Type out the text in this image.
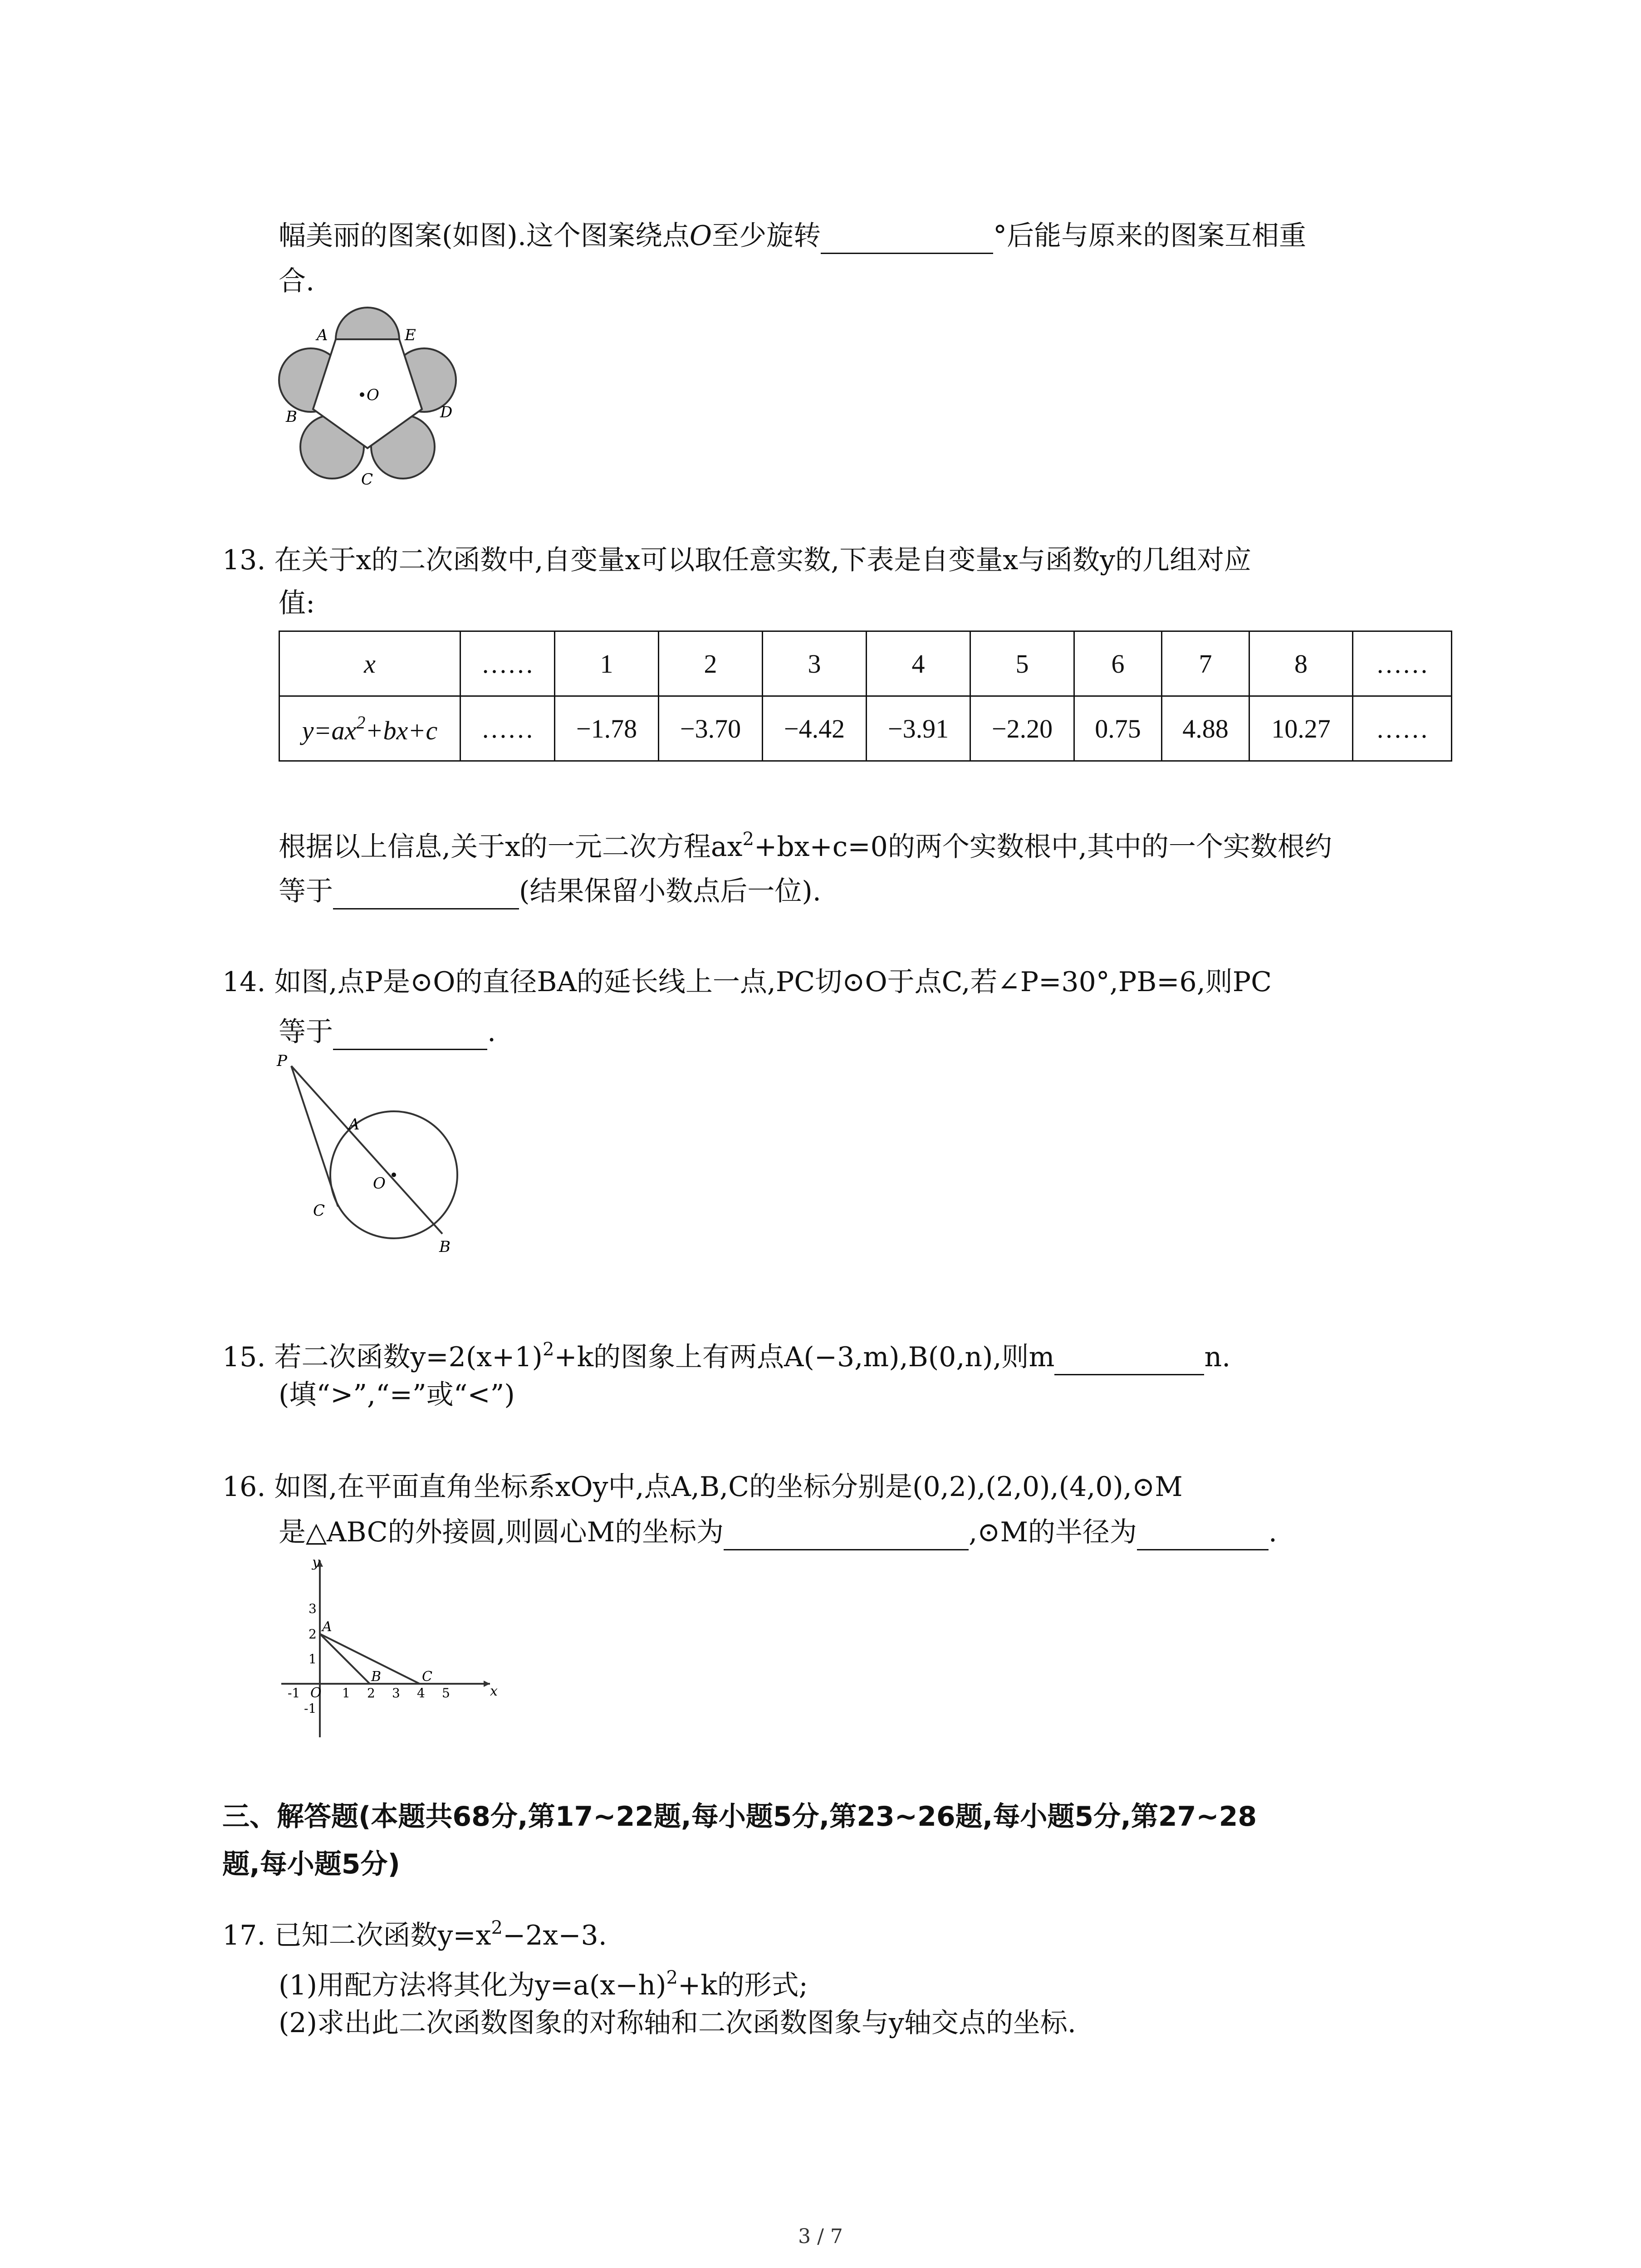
幅美丽的图案(如图).这个图案绕点O至少旋转	°后能与原来的图案互相重
合.
A	E
O
B	D
C
13. 在关于x的二次函数中,自变量x可以取任意实数,下表是自变量x与函数y的几组对应
值:
x	……	1	2	3	4	5	6	7	8	……
$y=ax^2+bx+c$	……	−1.78	−3.70	−4.42	−3.91	−2.20	0.75	4.88	10.27	……
根据以上信息,关于x的一元二次方程$ax^2+bx+c=0$的两个实数根中,其中的一个实数根约
等于	(结果保留小数点后一位).
14. 如图,点P是⊙O的直径BA的延长线上一点,PC切⊙O于点C,若∠P=30°,PB=6,则PC
等于	.
P
A
O
C
B
15. 若二次函数$y=2(x+1)^2+k$的图象上有两点A(−3,m),B(0,n),则m	n.
(填“>”,“=”或“<”)
16. 如图,在平面直角坐标系xOy中,点A,B,C的坐标分别是(0,2),(2,0),(4,0),⊙M
是△ABC的外接圆,则圆心M的坐标为	,⊙M的半径为	.
y
x
O
A
B	C
-1	1 2 3 4 5
3
2
1
-1
三、解答题(本题共68分,第17~22题,每小题5分,第23~26题,每小题5分,第27~28
题,每小题5分)
17. 已知二次函数$y=x^2-2x-3$.
(1)用配方法将其化为$y=a(x-h)^2+k$的形式;
(2)求出此二次函数图象的对称轴和二次函数图象与y轴交点的坐标.
3 / 7
